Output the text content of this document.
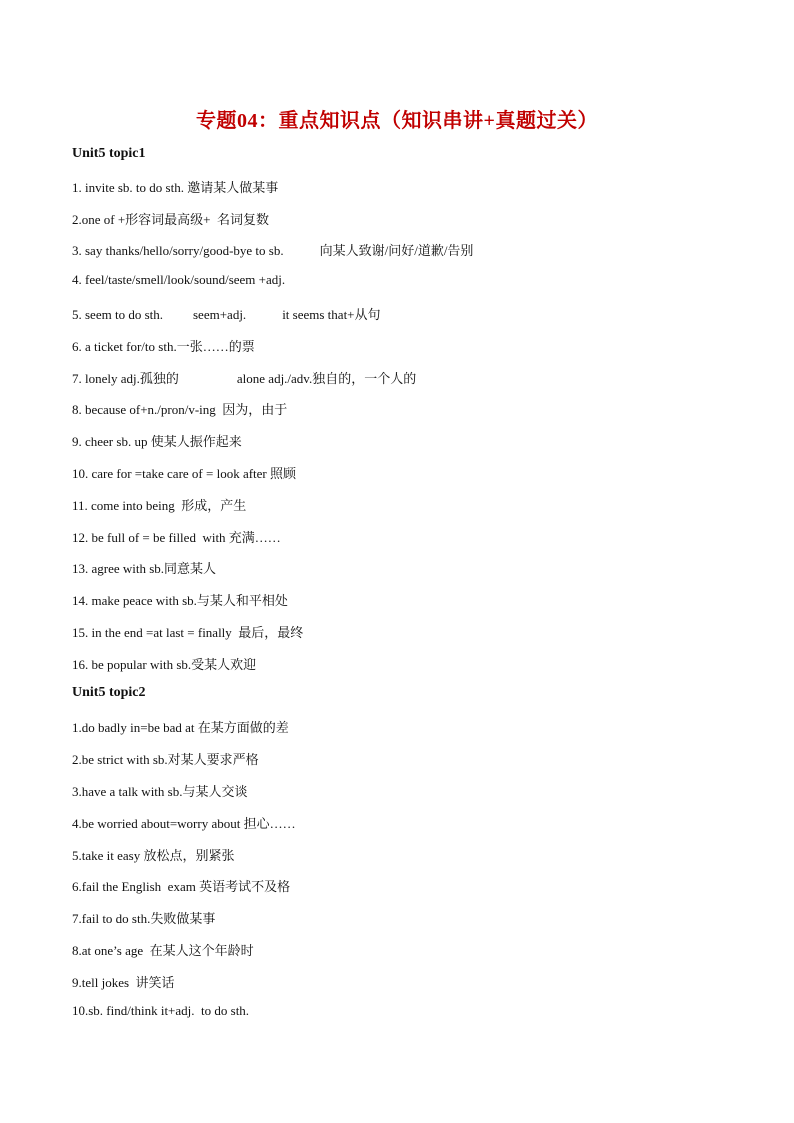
专题04：重点知识点（知识串讲+真题过关）
Unit5 topic1
1. invite sb. to do sth. 邀请某人做某事
2.one of +形容词最高级+  名词复数
3. say thanks/hello/sorry/good-bye to sb.	向某人致谢/问好/道歉/告别
4. feel/taste/smell/look/sound/seem +adj.
5. seem to do sth. seem+adj.	it seems that+从句
6. a ticket for/to sth.一张……的票
7. lonely adj.孤独的	alone adj./adv.独自的，一个人的
8. because of+n./pron/v-ing  因为，由于
9. cheer sb. up 使某人振作起来
10. care for =take care of = look after 照顾
11. come into being  形成，产生
12. be full of = be filled  with 充满……
13. agree with sb.同意某人
14. make peace with sb.与某人和平相处
15. in the end =at last = finally  最后，最终
16. be popular with sb.受某人欢迎
Unit5 topic2
1.do badly in=be bad at 在某方面做的差
2.be strict with sb.对某人要求严格
3.have a talk with sb.与某人交谈
4.be worried about=worry about 担心……
5.take it easy 放松点，别紧张
6.fail the English  exam 英语考试不及格
7.fail to do sth.失败做某事
8.at one’s age  在某人这个年龄时
9.tell jokes  讲笑话
10.sb. find/think it+adj.  to do sth.
